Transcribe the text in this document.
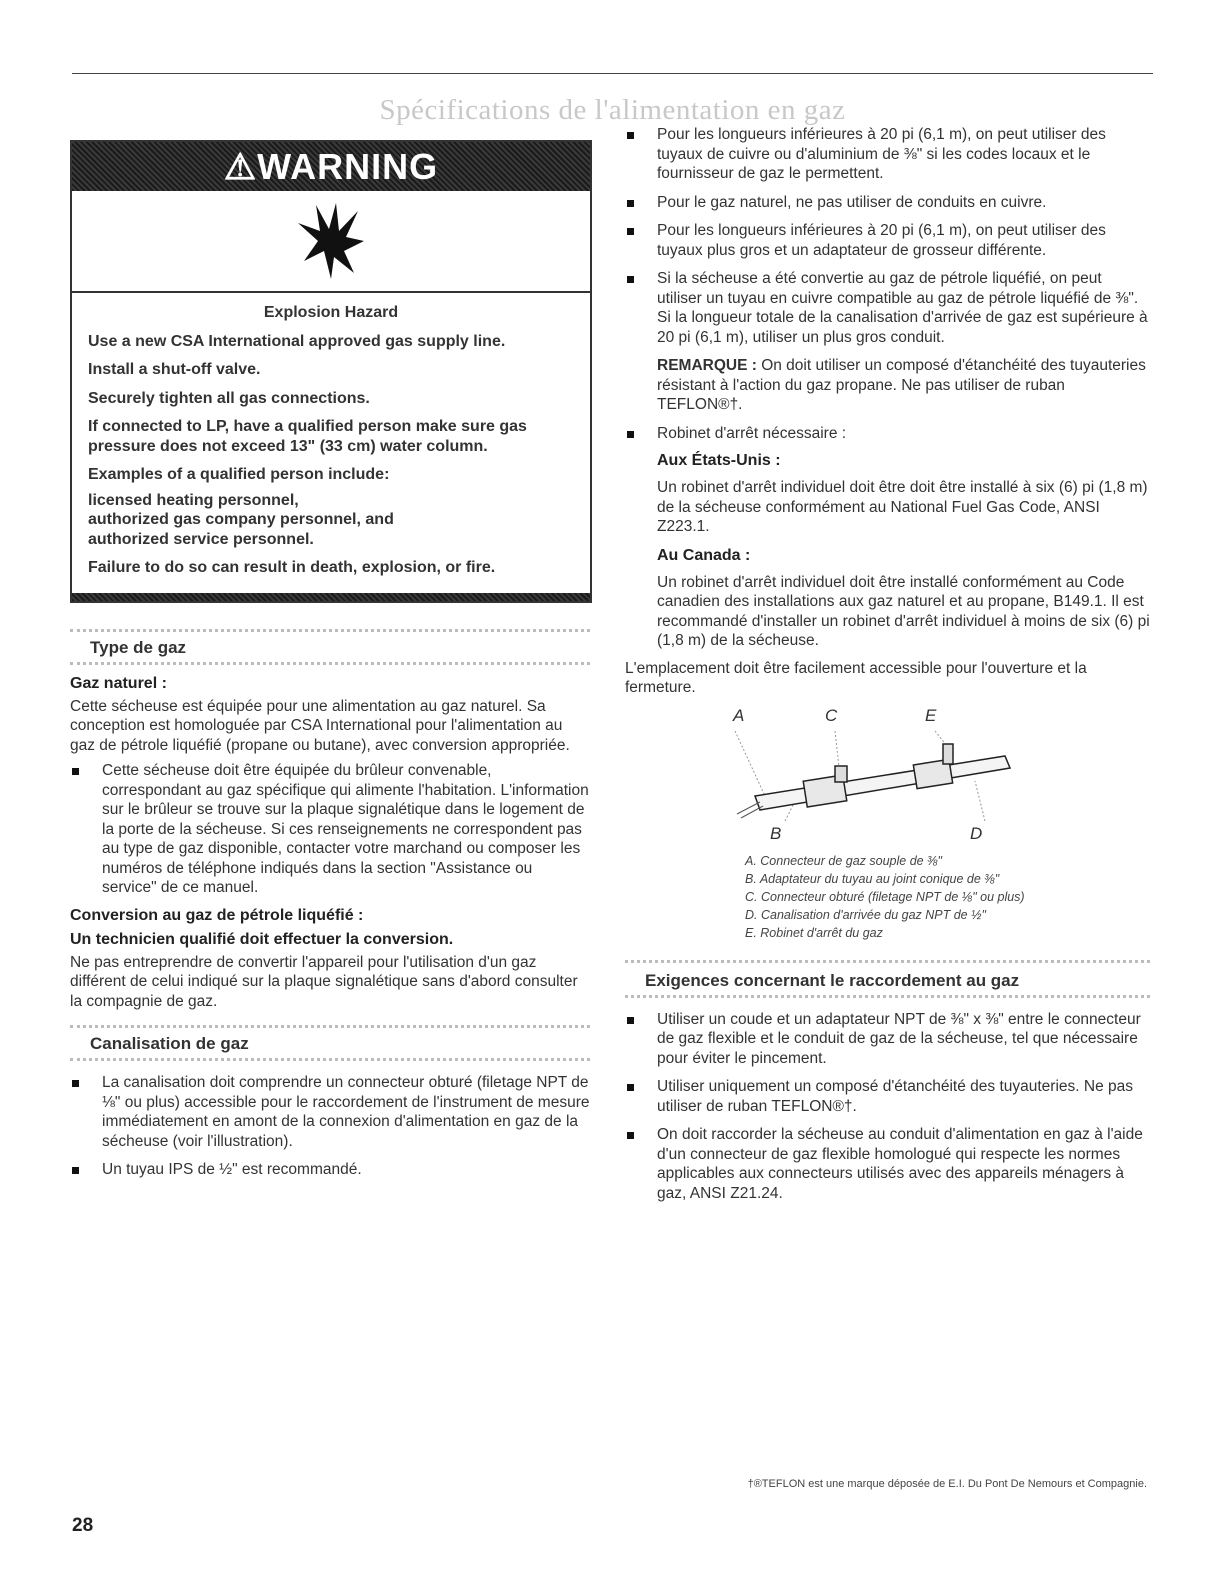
Spécifications de l'alimentation en gaz
⚠WARNING

Explosion Hazard

Use a new CSA International approved gas supply line.

Install a shut-off valve.

Securely tighten all gas connections.

If connected to LP, have a qualified person make sure gas pressure does not exceed 13" (33 cm) water column.

Examples of a qualified person include:

licensed heating personnel,

authorized gas company personnel, and

authorized service personnel.

Failure to do so can result in death, explosion, or fire.

Type de gaz
Gaz naturel :

Cette sécheuse est équipée pour une alimentation au gaz naturel. Sa conception est homologuée par CSA International pour l'alimentation au gaz de pétrole liquéfié (propane ou butane), avec conversion appropriée.

Cette sécheuse doit être équipée du brûleur convenable, correspondant au gaz spécifique qui alimente l'habitation. L'information sur le brûleur se trouve sur la plaque signalétique dans le logement de la porte de la sécheuse. Si ces renseignements ne correspondent pas au type de gaz disponible, contacter votre marchand ou composer les numéros de téléphone indiqués dans la section "Assistance ou service" de ce manuel.
Conversion au gaz de pétrole liquéfié :
Un technicien qualifié doit effectuer la conversion.

Ne pas entreprendre de convertir l'appareil pour l'utilisation d'un gaz différent de celui indiqué sur la plaque signalétique sans d'abord consulter la compagnie de gaz.

Canalisation de gaz
La canalisation doit comprendre un connecteur obturé (filetage NPT de ⅛" ou plus) accessible pour le raccordement de l'instrument de mesure immédiatement en amont de la connexion d'alimentation en gaz de la sécheuse (voir l'illustration).
Un tuyau IPS de ½" est recommandé.
Pour les longueurs inférieures à 20 pi (6,1 m), on peut utiliser des tuyaux de cuivre ou d'aluminium de ⅜" si les codes locaux et le fournisseur de gaz le permettent.
Pour le gaz naturel, ne pas utiliser de conduits en cuivre.
Pour les longueurs inférieures à 20 pi (6,1 m), on peut utiliser des tuyaux plus gros et un adaptateur de grosseur différente.
Si la sécheuse a été convertie au gaz de pétrole liquéfié, on peut utiliser un tuyau en cuivre compatible au gaz de pétrole liquéfié de ⅜". Si la longueur totale de la canalisation d'arrivée de gaz est supérieure à 20 pi (6,1 m), utiliser un plus gros conduit.

REMARQUE : On doit utiliser un composé d'étanchéité des tuyauteries résistant à l'action du gaz propane. Ne pas utiliser de ruban TEFLON®†.

Robinet d'arrêt nécessaire :
Aux États-Unis :

Un robinet d'arrêt individuel doit être doit être installé à six (6) pi (1,8 m) de la sécheuse conformément au National Fuel Gas Code, ANSI Z223.1.

Au Canada :

Un robinet d'arrêt individuel doit être installé conformément au Code canadien des installations aux gaz naturel et au propane, B149.1. Il est recommandé d'installer un robinet d'arrêt individuel à moins de six (6) pi (1,8 m) de la sécheuse.

L'emplacement doit être facilement accessible pour l'ouverture et la fermeture.

A	C	E
B	D

A. Connecteur de gaz souple de ⅜"

B. Adaptateur du tuyau au joint conique de ⅜"

C. Connecteur obturé (filetage NPT de ⅛" ou plus)

D. Canalisation d'arrivée du gaz NPT de ½"

E. Robinet d'arrêt du gaz

Exigences concernant le raccordement au gaz
Utiliser un coude et un adaptateur NPT de ⅜" x ⅜" entre le connecteur de gaz flexible et le conduit de gaz de la sécheuse, tel que nécessaire pour éviter le pincement.
Utiliser uniquement un composé d'étanchéité des tuyauteries. Ne pas utiliser de ruban TEFLON®†.
On doit raccorder la sécheuse au conduit d'alimentation en gaz à l'aide d'un connecteur de gaz flexible homologué qui respecte les normes applicables aux connecteurs utilisés avec des appareils ménagers à gaz, ANSI Z21.24.
†®TEFLON est une marque déposée de E.I. Du Pont De Nemours et Compagnie.
28
